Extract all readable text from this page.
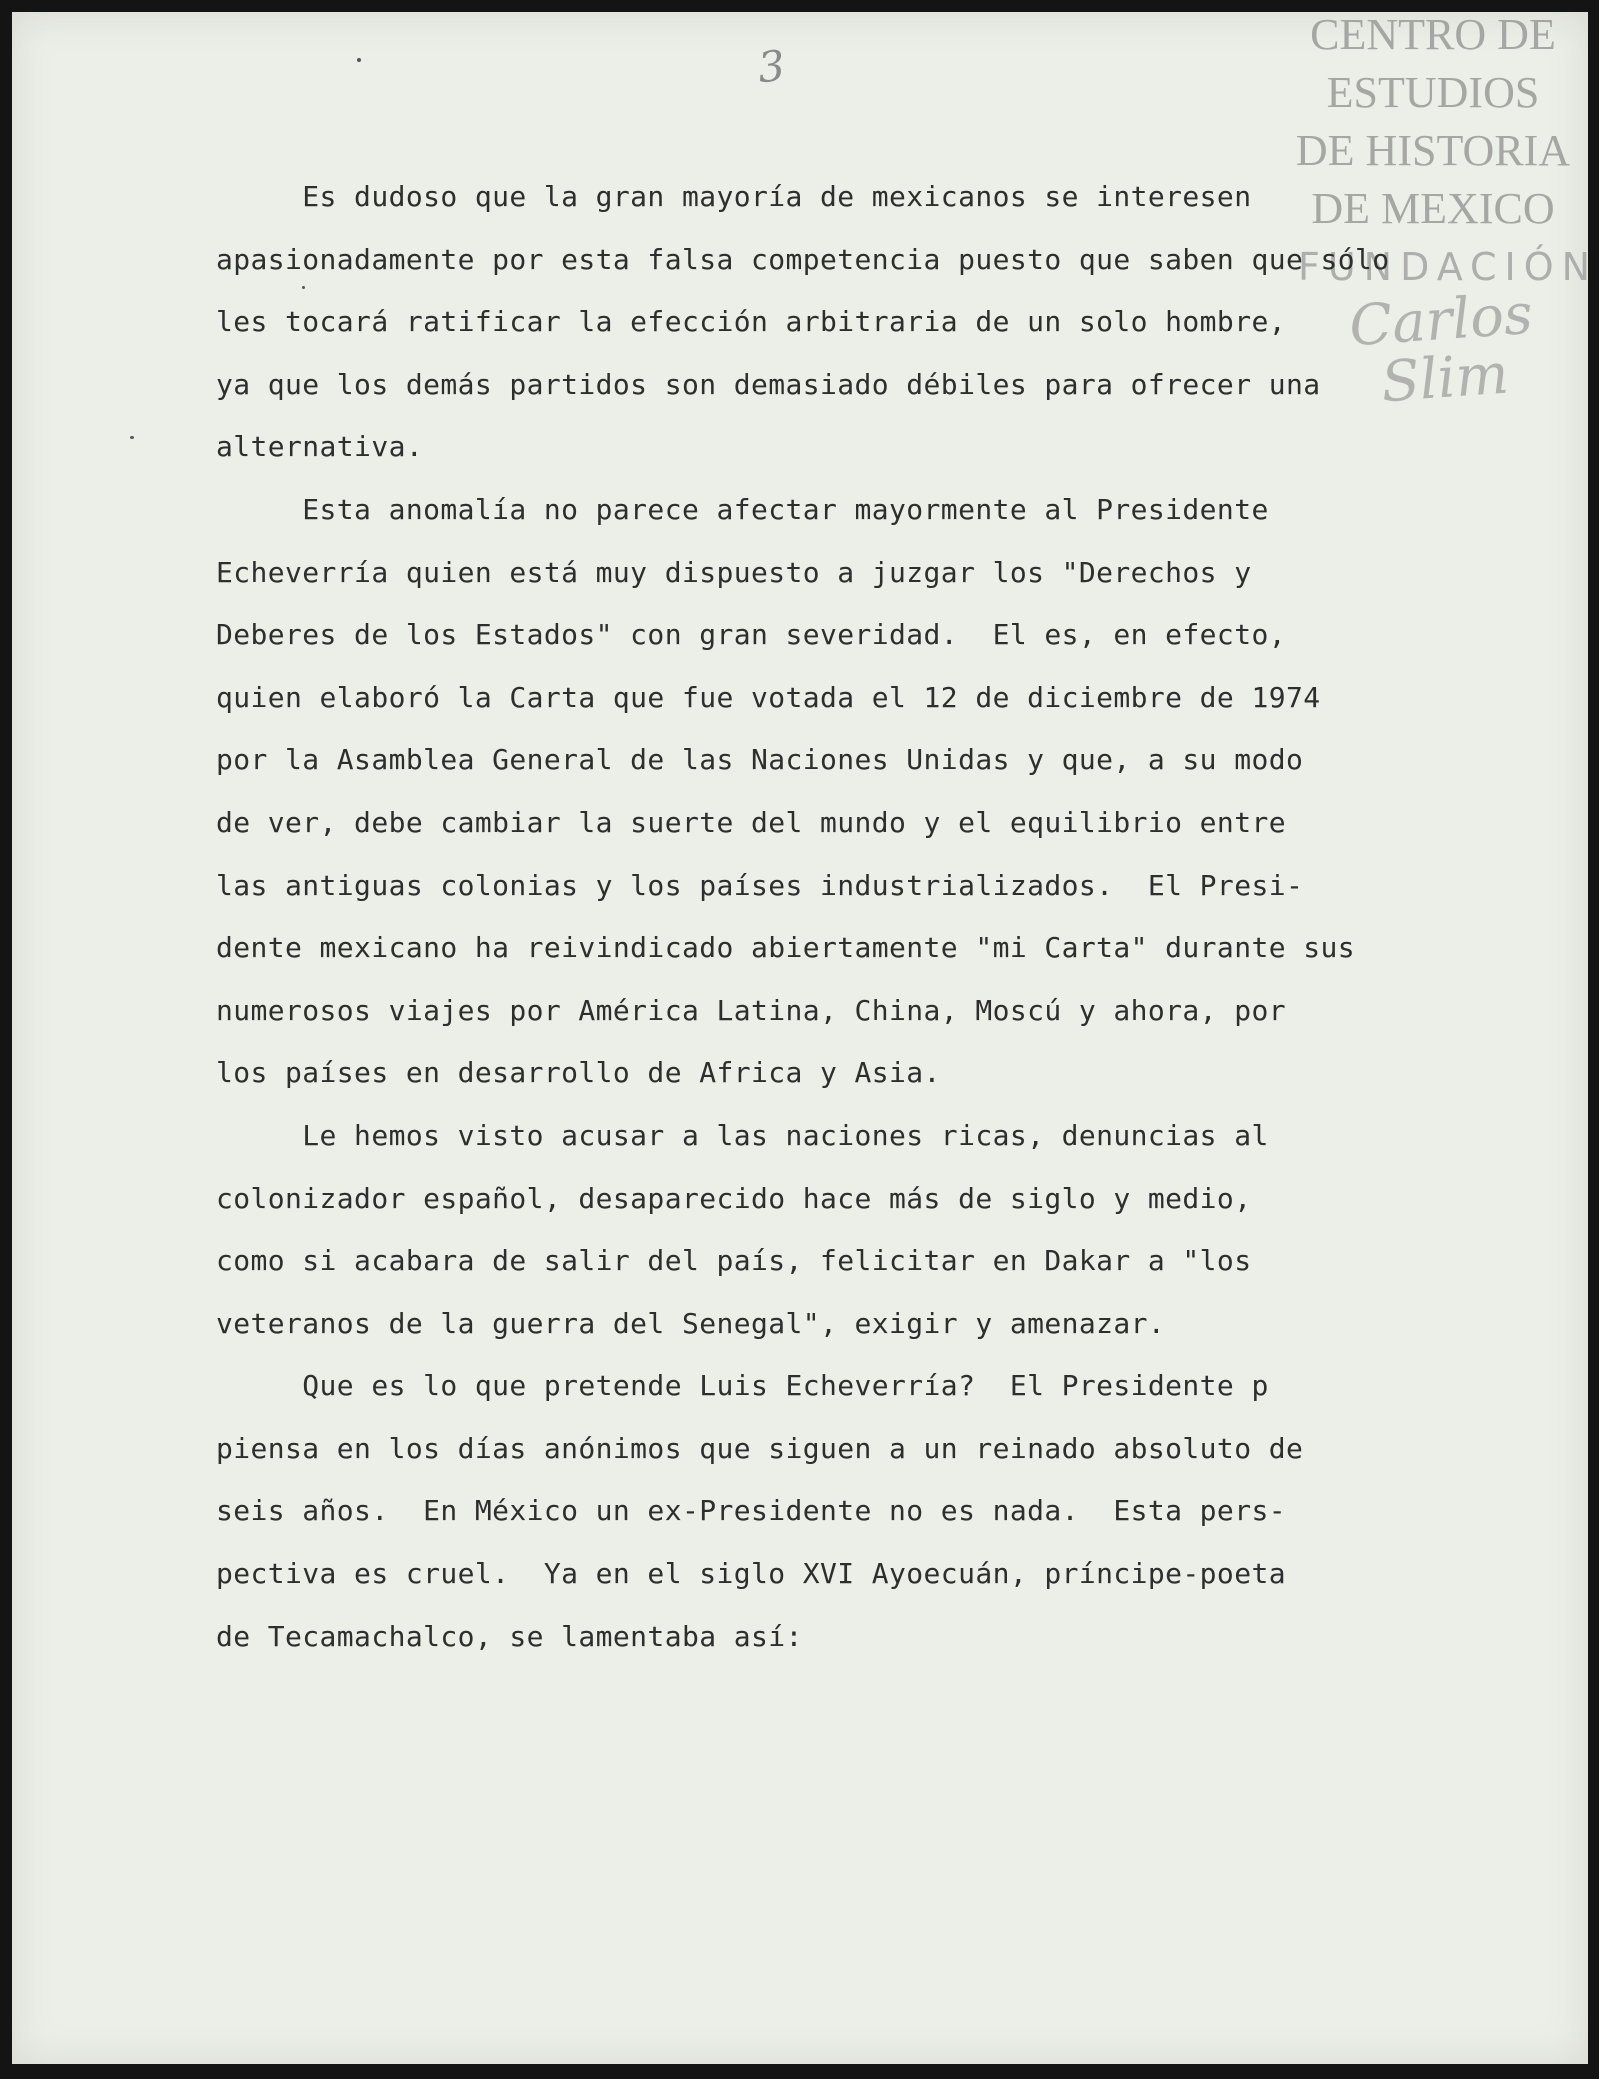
3
CENTRO DE
ESTUDIOS
DE HISTORIA
DE MEXICO
FUNDACIÓN
Carlos Slim
Es dudoso que la gran mayoría de mexicanos se interesen
apasionadamente por esta falsa competencia puesto que saben que sólo
les tocará ratificar la efección arbitraria de un solo hombre,
ya que los demás partidos son demasiado débiles para ofrecer una
alternativa.
Esta anomalía no parece afectar mayormente al Presidente
Echeverría quien está muy dispuesto a juzgar los "Derechos y
Deberes de los Estados" con gran severidad.  El es, en efecto,
quien elaboró la Carta que fue votada el 12 de diciembre de 1974
por la Asamblea General de las Naciones Unidas y que, a su modo
de ver, debe cambiar la suerte del mundo y el equilibrio entre
las antiguas colonias y los países industrializados.  El Presi-
dente mexicano ha reivindicado abiertamente "mi Carta" durante sus
numerosos viajes por América Latina, China, Moscú y ahora, por
los países en desarrollo de Africa y Asia.
Le hemos visto acusar a las naciones ricas, denuncias al
colonizador español, desaparecido hace más de siglo y medio,
como si acabara de salir del país, felicitar en Dakar a "los
veteranos de la guerra del Senegal", exigir y amenazar.
Que es lo que pretende Luis Echeverría?  El Presidente p
piensa en los días anónimos que siguen a un reinado absoluto de
seis años.  En México un ex-Presidente no es nada.  Esta pers-
pectiva es cruel.  Ya en el siglo XVI Ayoecuán, príncipe-poeta
de Tecamachalco, se lamentaba así:
